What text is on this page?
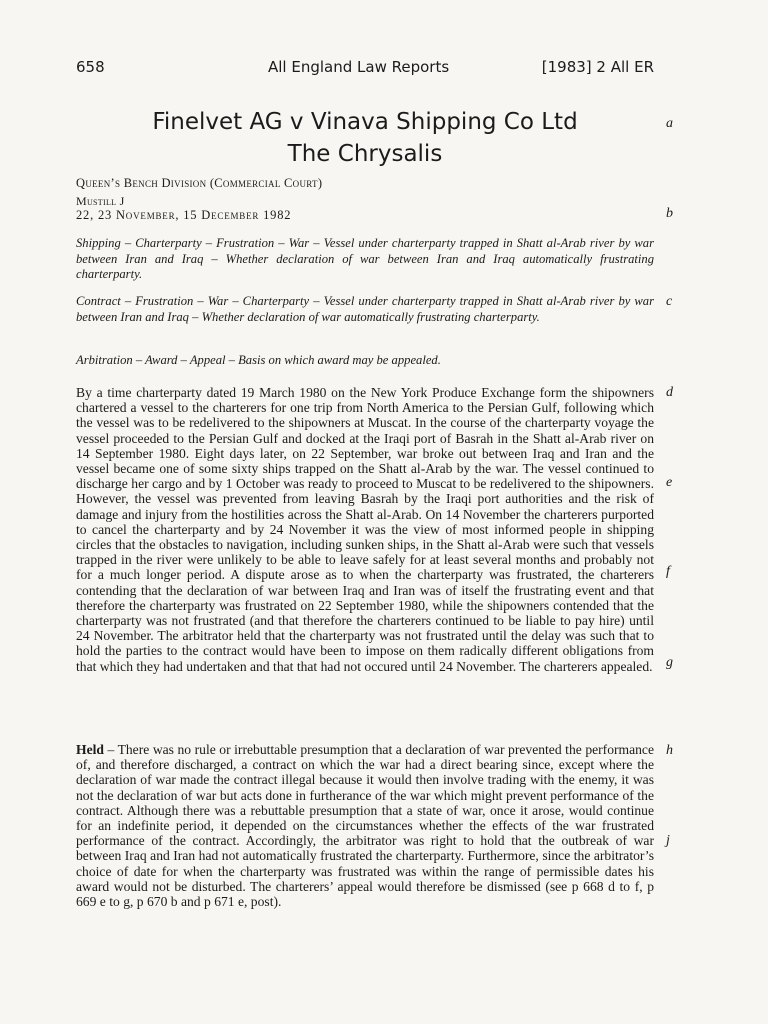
658	All England Law Reports	[1983] 2 All ER
Finelvet AG v Vinava Shipping Co Ltd
The Chrysalis
Queen’s Bench Division (Commercial Court)
Mustill J
22, 23 November, 15 December 1982
Shipping – Charterparty – Frustration – War – Vessel under charterparty trapped in Shatt al-Arab river by war between Iran and Iraq – Whether declaration of war between Iran and Iraq automatically frustrating charterparty.
Contract – Frustration – War – Charterparty – Vessel under charterparty trapped in Shatt al-Arab river by war between Iran and Iraq – Whether declaration of war automatically frustrating charterparty.
Arbitration – Award – Appeal – Basis on which award may be appealed.
By a time charterparty dated 19 March 1980 on the New York Produce Exchange form the shipowners chartered a vessel to the charterers for one trip from North America to the Persian Gulf, following which the vessel was to be redelivered to the shipowners at Muscat. In the course of the charterparty voyage the vessel proceeded to the Persian Gulf and docked at the Iraqi port of Basrah in the Shatt al-Arab river on 14 September 1980. Eight days later, on 22 September, war broke out between Iraq and Iran and the vessel became one of some sixty ships trapped on the Shatt al-Arab by the war. The vessel continued to discharge her cargo and by 1 October was ready to proceed to Muscat to be redelivered to the shipowners. However, the vessel was prevented from leaving Basrah by the Iraqi port authorities and the risk of damage and injury from the hostilities across the Shatt al-Arab. On 14 November the charterers purported to cancel the charterparty and by 24 November it was the view of most informed people in shipping circles that the obstacles to navigation, including sunken ships, in the Shatt al-Arab were such that vessels trapped in the river were unlikely to be able to leave safely for at least several months and probably not for a much longer period. A dispute arose as to when the charterparty was frustrated, the charterers contending that the declaration of war between Iraq and Iran was of itself the frustrating event and that therefore the charterparty was frustrated on 22 September 1980, while the shipowners contended that the charterparty was not frustrated (and that therefore the charterers continued to be liable to pay hire) until 24 November. The arbitrator held that the charterparty was not frustrated until the delay was such that to hold the parties to the contract would have been to impose on them radically different obligations from that which they had undertaken and that that had not occured until 24 November. The charterers appealed.
Held – There was no rule or irrebuttable presumption that a declaration of war prevented the performance of, and therefore discharged, a contract on which the war had a direct bearing since, except where the declaration of war made the contract illegal because it would then involve trading with the enemy, it was not the declaration of war but acts done in furtherance of the war which might prevent performance of the contract. Although there was a rebuttable presumption that a state of war, once it arose, would continue for an indefinite period, it depended on the circumstances whether the effects of the war frustrated performance of the contract. Accordingly, the arbitrator was right to hold that the outbreak of war between Iraq and Iran had not automatically frustrated the charterparty. Furthermore, since the arbitrator’s choice of date for when the charterparty was frustrated was within the range of permissible dates his award would not be disturbed. The charterers’ appeal would therefore be dismissed (see p 668 d to f, p 669 e to g, p 670 b and p 671 e, post).
a
b
c
d
e
f
g
h
j
